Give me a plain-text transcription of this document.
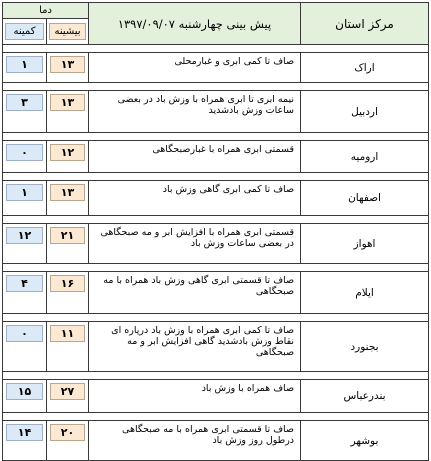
مرکز استان	پیش بینی چهارشنبه ۱۳۹۷/۰۹/۰۷	دما	

		بیشینه	کمینه

اراک	صاف تا کمی ابری و غبارمحلی	۱۳	۱

اردبیل	نیمه ابری تا ابری همراه با وزش باد در بعضی ساعات وزش بادشدید	۱۳	۳

ارومیه	قسمتی ابری همراه با غبارصبحگاهی	۱۲	۰

اصفهان	صاف تا کمی ابری گاهی وزش باد	۱۳	۱

اهواز	قسمتی ابری همراه با افزایش ابر و مه صبحگاهی در بعضی ساعات وزش باد	۲۱	۱۲

ایلام	صاف تا قسمتی ابری گاهی وزش باد همراه با مه صبحگاهی	۱۶	۴

بجنورد	صاف تا کمی ابری همراه با وزش باد درپاره ای نقاط وزش بادشدید گاهی افزایش ابر و مه صبحگاهی	۱۱	۰

بندرعباس	صاف همراه با وزش باد	۲۷	۱۵

بوشهر	صاف تا قسمتی ابری همراه با مه صبحگاهی درطول روز وزش باد	۲۰	۱۴
